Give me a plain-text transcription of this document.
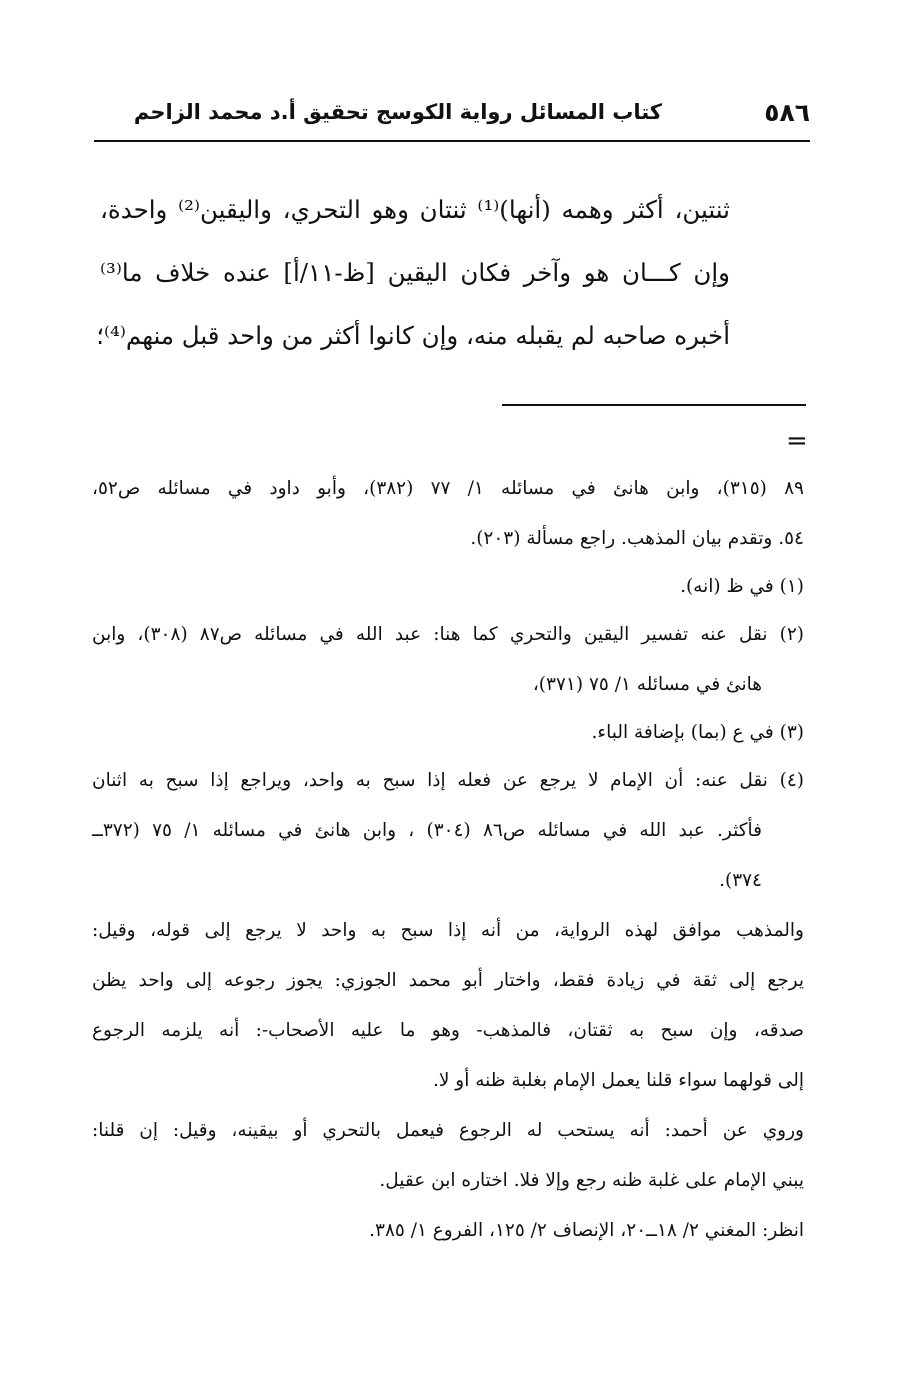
٥٨٦
كتاب المسائل رواية الكوسج تحقيق أ.د محمد الزاحم
ثنتين، أكثر وهمه (أنها)⁽¹⁾ ثنتان وهو التحري، واليقين⁽²⁾ واحدة،
وإن كـــان هو وآخر فكان اليقين [ظ-١١/أ] عنده خلاف ما⁽³⁾
أخبره صاحبه لم يقبله منه، وإن كانوا أكثر من واحد قبل منهم⁽⁴⁾؛
=
٨٩ (٣١٥)، وابن هانئ في مسائله ١/ ٧٧ (٣٨٢)، وأبو داود في مسائله ص٥٢،
٥٤. وتقدم بيان المذهب. راجع مسألة (٢٠٣).
(١) في ظ (انه).
(٢) نقل عنه تفسير اليقين والتحري كما هنا: عبد الله في مسائله ص٨٧ (٣٠٨)، وابن
هانئ في مسائله ١/ ٧٥ (٣٧١)،
(٣) في ع (بما) بإضافة الباء.
(٤) نقل عنه: أن الإمام لا يرجع عن فعله إذا سبح به واحد، ويراجع إذا سبح به اثنان
فأكثر. عبد الله في مسائله ص٨٦ (٣٠٤) ، وابن هانئ في مسائله ١/ ٧٥ (٣٧٢ــ
٣٧٤).
والمذهب موافق لهذه الرواية، من أنه إذا سبح به واحد لا يرجع إلى قوله، وقيل:
يرجع إلى ثقة في زيادة فقط، واختار أبو محمد الجوزي: يجوز رجوعه إلى واحد يظن
صدقه، وإن سبح به ثقتان، فالمذهب- وهو ما عليه الأصحاب-: أنه يلزمه الرجوع
إلى قولهما سواء قلنا يعمل الإمام بغلبة ظنه أو لا.
وروي عن أحمد: أنه يستحب له الرجوع فيعمل بالتحري أو بيقينه، وقيل: إن قلنا:
يبني الإمام على غلبة ظنه رجع وإلا فلا. اختاره ابن عقيل.
انظر: المغني ٢/ ١٨ــ٢٠، الإنصاف ٢/ ١٢٥، الفروع ١/ ٣٨٥.
